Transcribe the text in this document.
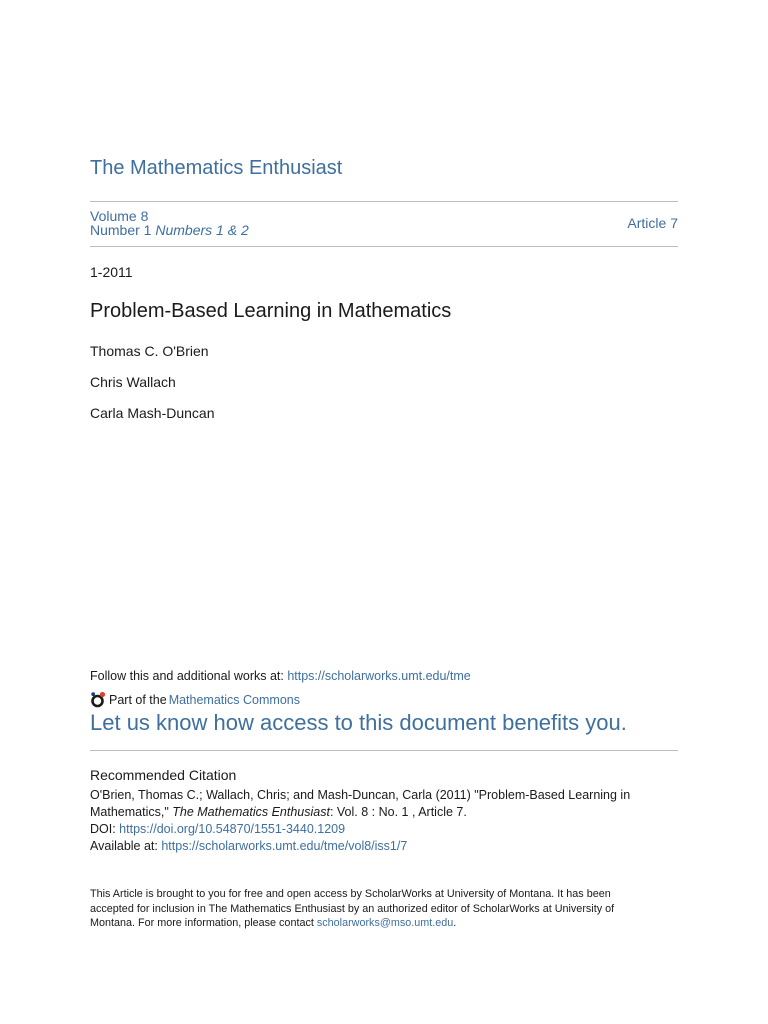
The Mathematics Enthusiast
Volume 8
Number 1 Numbers 1 & 2	Article 7
1-2011
Problem-Based Learning in Mathematics
Thomas C. O'Brien
Chris Wallach
Carla Mash-Duncan
Follow this and additional works at: https://scholarworks.umt.edu/tme
Part of the Mathematics Commons
Let us know how access to this document benefits you.
Recommended Citation
O'Brien, Thomas C.; Wallach, Chris; and Mash-Duncan, Carla (2011) "Problem-Based Learning in
Mathematics," The Mathematics Enthusiast: Vol. 8 : No. 1 , Article 7.
DOI: https://doi.org/10.54870/1551-3440.1209
Available at: https://scholarworks.umt.edu/tme/vol8/iss1/7
This Article is brought to you for free and open access by ScholarWorks at University of Montana. It has been
accepted for inclusion in The Mathematics Enthusiast by an authorized editor of ScholarWorks at University of
Montana. For more information, please contact scholarworks@mso.umt.edu.
